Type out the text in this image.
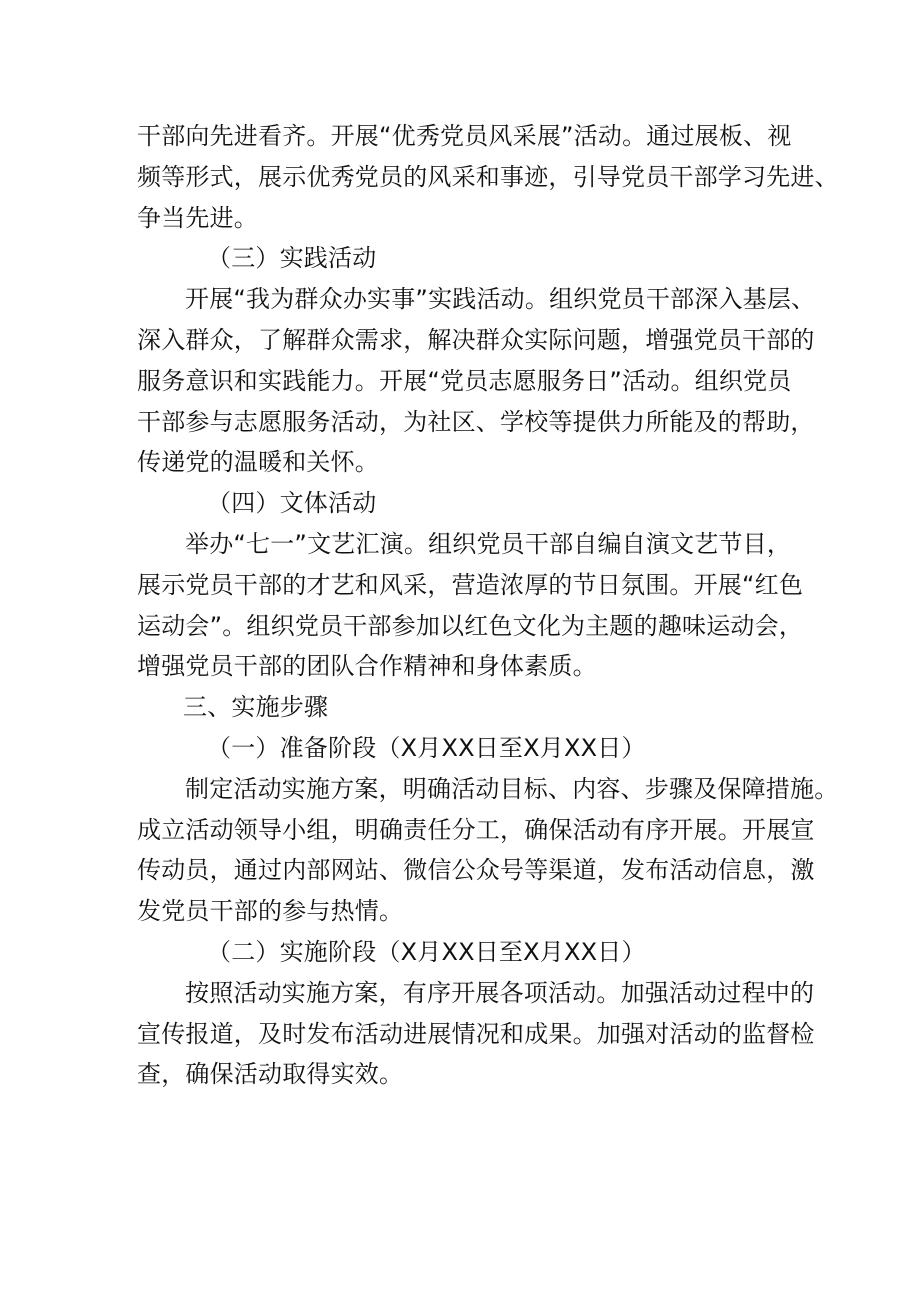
干部向先进看齐。开展“优秀党员风采展”活动。通过展板、视
频等形式，展示优秀党员的风采和事迹，引导党员干部学习先进、
争当先进。
（三）实践活动
开展“我为群众办实事”实践活动。组织党员干部深入基层、
深入群众，了解群众需求，解决群众实际问题，增强党员干部的
服务意识和实践能力。开展“党员志愿服务日”活动。组织党员
干部参与志愿服务活动，为社区、学校等提供力所能及的帮助，
传递党的温暖和关怀。
（四）文体活动
举办“七一”文艺汇演。组织党员干部自编自演文艺节目，
展示党员干部的才艺和风采，营造浓厚的节日氛围。开展“红色
运动会”。组织党员干部参加以红色文化为主题的趣味运动会，
增强党员干部的团队合作精神和身体素质。
三、实施步骤
（一）准备阶段（X月XX日至X月XX日）
制定活动实施方案，明确活动目标、内容、步骤及保障措施。
成立活动领导小组，明确责任分工，确保活动有序开展。开展宣
传动员，通过内部网站、微信公众号等渠道，发布活动信息，激
发党员干部的参与热情。
（二）实施阶段（X月XX日至X月XX日）
按照活动实施方案，有序开展各项活动。加强活动过程中的
宣传报道，及时发布活动进展情况和成果。加强对活动的监督检
查，确保活动取得实效。
